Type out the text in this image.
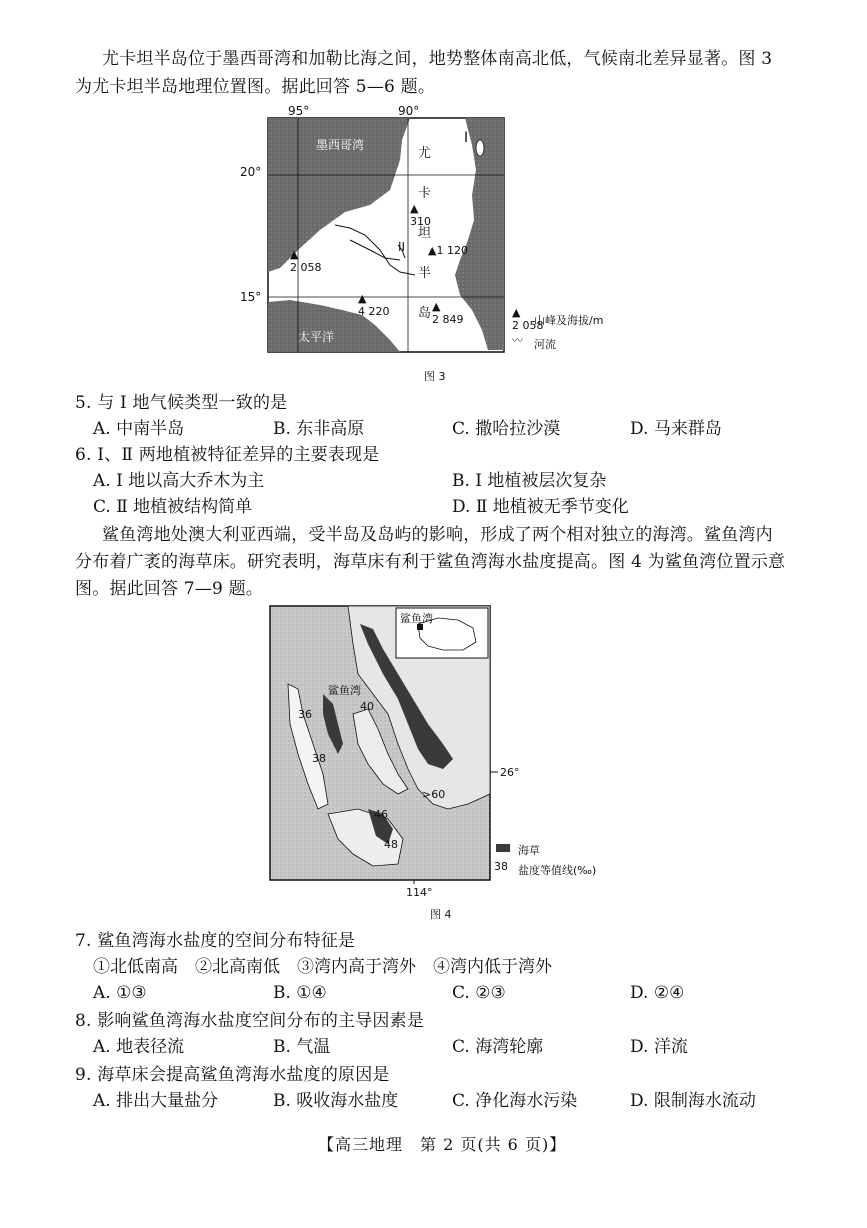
尤卡坦半岛位于墨西哥湾和加勒比海之间，地势整体南高北低，气候南北差异显著。图 3
为尤卡坦半岛地理位置图。据此回答 5—6 题。
95°	90°
20°
15°
墨西哥湾
太平洋
尤
卡
坦
半
岛
▲
310
▲1 120
▲
2 058
▲
4 220	▲
2 849
I
II
▲
2 058
山峰及海拔/m
〰 河流
图 3
5. 与 Ⅰ 地气候类型一致的是
A. 中南半岛	B. 东非高原	C. 撒哈拉沙漠	D. 马来群岛
6. Ⅰ、Ⅱ 两地植被特征差异的主要表现是
A. Ⅰ 地以高大乔木为主	B. Ⅰ 地植被层次复杂
C. Ⅱ 地植被结构简单	D. Ⅱ 地植被无季节变化
鲨鱼湾地处澳大利亚西端，受半岛及岛屿的影响，形成了两个相对独立的海湾。鲨鱼湾内
分布着广袤的海草床。研究表明，海草床有利于鲨鱼湾海水盐度提高。图 4 为鲨鱼湾位置示意
图。据此回答 7—9 题。
鲨鱼湾
鲨鱼湾
36
40
38
>60
46
48
26°
114°
海草
38 盐度等值线(‰)
图 4
7. 鲨鱼湾海水盐度的空间分布特征是
①北低南高　②北高南低　③湾内高于湾外　④湾内低于湾外
A. ①③	B. ①④	C. ②③	D. ②④
8. 影响鲨鱼湾海水盐度空间分布的主导因素是
A. 地表径流	B. 气温	C. 海湾轮廓	D. 洋流
9. 海草床会提高鲨鱼湾海水盐度的原因是
A. 排出大量盐分	B. 吸收海水盐度	C. 净化海水污染	D. 限制海水流动
【高三地理　第 2 页(共 6 页)】
